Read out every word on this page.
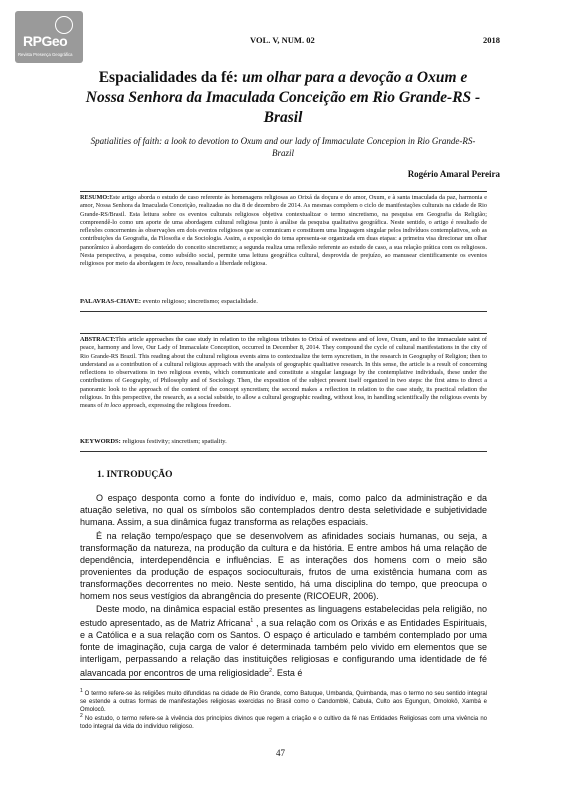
RPGeo
Revista Presença Geográfica
VOL. V, NUM. 02	2018
Espacialidades da fé: um olhar para a devoção a Oxum e Nossa Senhora da Imaculada Conceição em Rio Grande-RS - Brasil
Spatialities of faith: a look to devotion to Oxum and our lady of Immaculate Concepion in Rio Grande-RS-Brazil
Rogério Amaral Pereira
RESUMO:Este artigo aborda o estudo de caso referente às homenagens religiosas ao Orixá da doçura e do amor, Oxum, e à santa imaculada da paz, harmonia e amor, Nossa Senhora da Imaculada Conceição, realizadas no dia 8 de dezembro de 2014. As mesmas compõem o ciclo de manifestações culturais na cidade de Rio Grande-RS/Brasil. Esta leitura sobre os eventos culturais religiosos objetiva contextualizar o termo sincretismo, na pesquisa em Geografia da Religião; compreendê-lo como um aporte de uma abordagem cultural religiosa junto à análise da pesquisa qualitativa geográfica. Neste sentido, o artigo é resultado de reflexões concernentes às observações em dois eventos religiosos que se comunicam e constituem uma linguagem singular pelos indivíduos contemplativos, sob as contribuições da Geografia, da Filosofia e da Sociologia. Assim, a exposição do tema apresenta-se organizada em duas etapas: a primeira visa direcionar um olhar panorâmico à abordagem do conteúdo do conceito sincretismo; a segunda realiza uma reflexão referente ao estudo de caso, a sua relação prática com os religiosos. Nesta perspectiva, a pesquisa, como subsídio social, permite uma leitura geográfica cultural, desprovida de prejuízo, ao manusear cientificamente os eventos religiosos por meio da abordagem in loco, ressaltando a liberdade religiosa.
PALAVRAS-CHAVE: evento religioso; sincretismo; espacialidade.
ABSTRACT:This article approaches the case study in relation to the religious tributes to Orixá of sweetness and of love, Oxum, and to the immaculate saint of peace, harmony and love, Our Lady of Immaculate Conception, occurred in December 8, 2014. They compound the cycle of cultural manifestations in the city of Rio Grande-RS Brazil. This reading about the cultural religious events aims to contextualize the term syncretism, in the research in Geography of Religion; then to understand as a contribution of a cultural religious approach with the analysis of geographic qualitative research. In this sense, the article is a result of concerning reflections to observations in two religious events, which communicate and constitute a singular language by the contemplative individuals, these under the contributions of Geography, of Philosophy and of Sociology. Then, the exposition of the subject present itself organized in two steps: the first aims to direct a panoramic look to the approach of the content of the concept syncretism; the second makes a reflection in relation to the case study, its practical relation the religious. In this perspective, the research, as a social subside, to allow a cultural geographic reading, without loss, in handling scientifically the religious events by means of in loco approach, expressing the religious freedom.
KEYWORDS: religious festivity; sincretism; spatiality.
1. INTRODUÇÃO
O espaço desponta como a fonte do indivíduo e, mais, como palco da administração e da atuação seletiva, no qual os símbolos são contemplados dentro desta seletividade e subjetividade humana. Assim, a sua dinâmica fugaz transforma as relações espaciais.
É na relação tempo/espaço que se desenvolvem as afinidades sociais humanas, ou seja, a transformação da natureza, na produção da cultura e da história. E entre ambos há uma relação de dependência, interdependência e influências. E as interações dos homens com o meio são provenientes da produção de espaços socioculturais, frutos de uma existência humana com as transformações decorrentes no meio. Neste sentido, há uma disciplina do tempo, que preocupa o homem nos seus vestígios da abrangência do presente (RICOEUR, 2006).
Deste modo, na dinâmica espacial estão presentes as linguagens estabelecidas pela religião, no estudo apresentado, as de Matriz Africana$^1$ , a sua relação com os Orixás e as Entidades Espirituais, e a Católica e a sua relação com os Santos. O espaço é articulado e também contemplado por uma fonte de imaginação, cuja carga de valor é determinada também pelo vivido em elementos que se interligam, perpassando a relação das instituições religiosas e configurando uma identidade de fé alavancada por encontros de uma religiosidade$^2$. Esta é
$^1$ O termo refere-se às religiões muito difundidas na cidade de Rio Grande, como Batuque, Umbanda, Quimbanda, mas o termo no seu sentido integral se estende a outras formas de manifestações religiosas exercidas no Brasil como o Candomblé, Cabula, Culto aos Egungun, Omolokô, Xambá e Omolocô.
$^2$ No estudo, o termo refere-se à vivência dos princípios divinos que regem a criação e o cultivo da fé nas Entidades Religiosas com uma vivência no todo integral da vida do indivíduo religioso.
47
